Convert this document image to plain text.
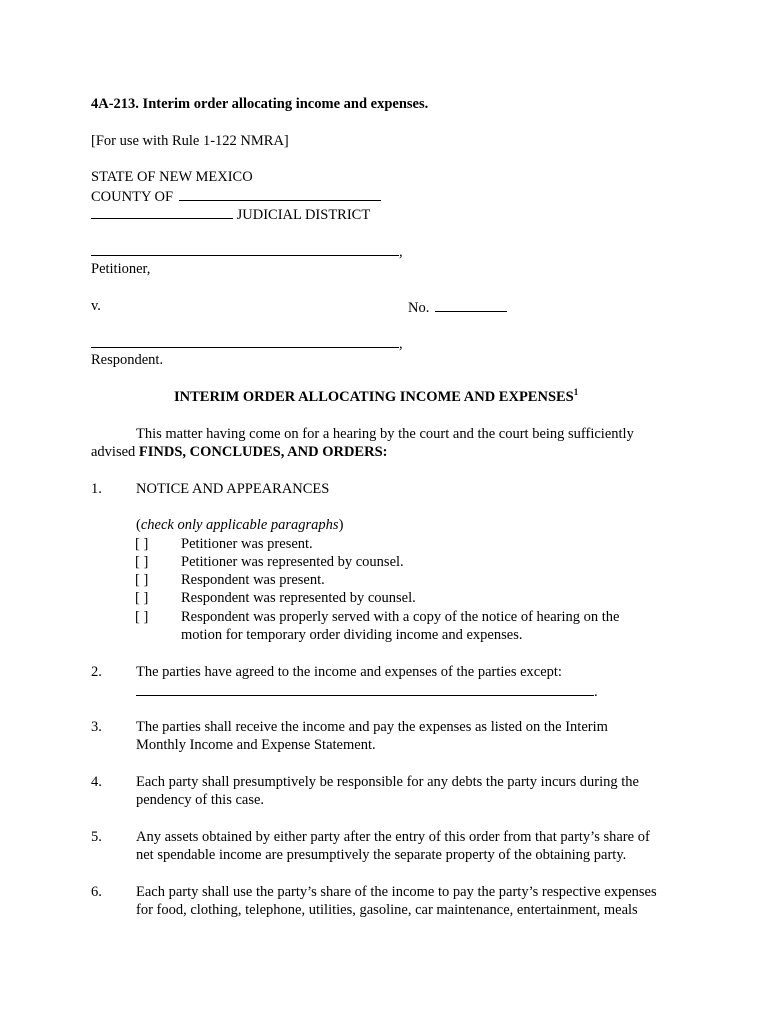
4A-213. Interim order allocating income and expenses.
[For use with Rule 1-122 NMRA]
STATE OF NEW MEXICO
COUNTY OF
JUDICIAL DISTRICT
,
Petitioner,
v.	No.
,
Respondent.
INTERIM ORDER ALLOCATING INCOME AND EXPENSES$^1$
This matter having come on for a hearing by the court and the court being sufficiently
advised FINDS, CONCLUDES, AND ORDERS:
1. NOTICE AND APPEARANCES
(check only applicable paragraphs)
[ ] Petitioner was present.
[ ] Petitioner was represented by counsel.
[ ] Respondent was present.
[ ] Respondent was represented by counsel.
[ ] Respondent was properly served with a copy of the notice of hearing on the
motion for temporary order dividing income and expenses.
2. The parties have agreed to the income and expenses of the parties except:
.
3. The parties shall receive the income and pay the expenses as listed on the Interim
Monthly Income and Expense Statement.
4. Each party shall presumptively be responsible for any debts the party incurs during the
pendency of this case.
5. Any assets obtained by either party after the entry of this order from that party’s share of
net spendable income are presumptively the separate property of the obtaining party.
6. Each party shall use the party’s share of the income to pay the party’s respective expenses
for food, clothing, telephone, utilities, gasoline, car maintenance, entertainment, meals
